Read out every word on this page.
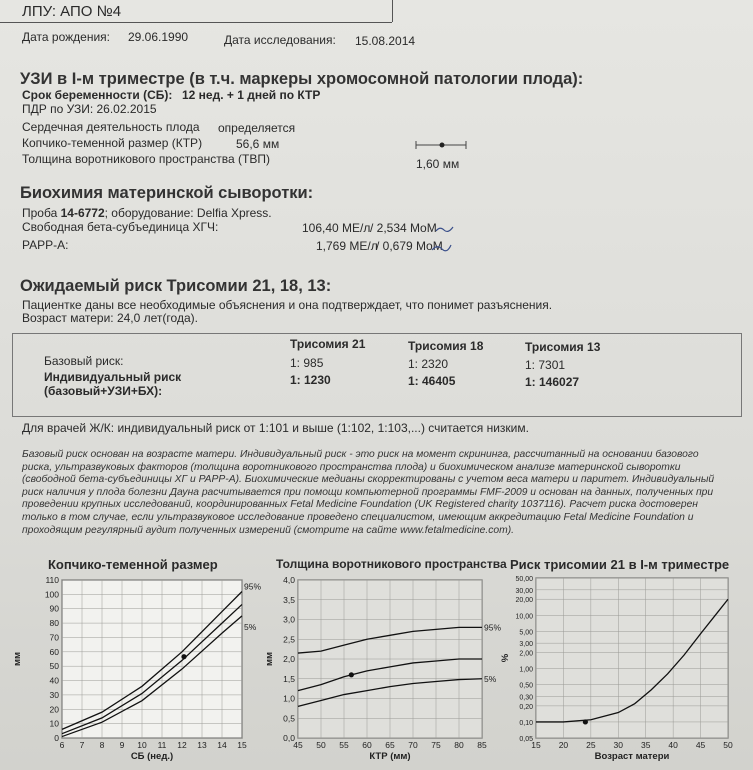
ЛПУ: АПО №4
Дата рождения: 29.06.1990	Дата исследования: 15.08.2014
УЗИ в I-м триместре (в т.ч. маркеры хромосомной патологии плода):
Срок беременности (СБ): 12 нед. + 1 дней по КТР
ПДР по УЗИ: 26.02.2015
Сердечная деятельность плода определяется
Копчико-теменной размер (КТР)	56,6 мм
Толщина воротникового пространства (ТВП)	1,60 мм
Биохимия материнской сыворотки:
Проба 14-6772; оборудование: Delfia Xpress.
Свободная бета-субъединица ХГЧ:	106,40 МЕ/л / 2,534 MoM
PAPP-A:	1,769 МЕ/л
/ 0,679 MoM
Ожидаемый риск Трисомии 21, 18, 13:
Пациентке даны все необходимые объяснения и она подтверждает, что понимет разъяснения.
Возраст матери: 24,0 лет(года).
Трисомия 21	Трисомия 18	Трисомия 13
Базовый риск:	1: 985	1: 2320	1: 7301
Индивидуальный риск
(базовый+УЗИ+БХ):
1: 1230	1: 46405	1: 146027
Для врачей Ж/К: индивидуальный риск от 1:101 и выше (1:102, 1:103,...) считается низким.
Базовый риск основан на возрасте матери. Индивидуальный риск - это риск на момент скрининга, рассчитанный на основании базового риска, ультразвуковых факторов (толщина воротникового пространства плода) и биохимическом анализе материнской сыворотки (свободной бета-субъединицы ХГ и PAPP-A). Биохимические медианы скорректированы с учетом веса матери и паритет. Индивидуальный риск наличия у плода болезни Дауна расчитывается при помощи компьютерной программы FMF-2009 и основан на данных, полученных при проведении крупных исследований, координированных Fetal Medicine Foundation (UK Registered charity 1037116). Расчет риска достоверен только в том случае, если ультразвуковое исследование проведено специалистом, имеющим аккредитацию Fetal Medicine Foundation и проходящим регулярный аудит полученных измерений (смотрите на сайте www.fetalmedicine.com).
Копчико-теменной размер	Толщина воротникового пространства Риск трисомии 21 в I-м триместре
6 7 8 9 10 11 12 13 14 15
0
10
20
30
40
50
60
70
80
90
100
110
СБ (нед.)
мм
95%
5%
45 50 55 60 65 70 75 80 85
0,0
0,5
1,0
1,5
2,0
2,5
3,0
3,5
4,0
КТР (мм)
мм
95%
5%
15 20 25 30 35 40 45 50
0,05
0,10
0,20
0,30
0,50
1,00
2,00
3,00
5,00
10,00
20,00
30,00
50,00
Возраст матери
%
